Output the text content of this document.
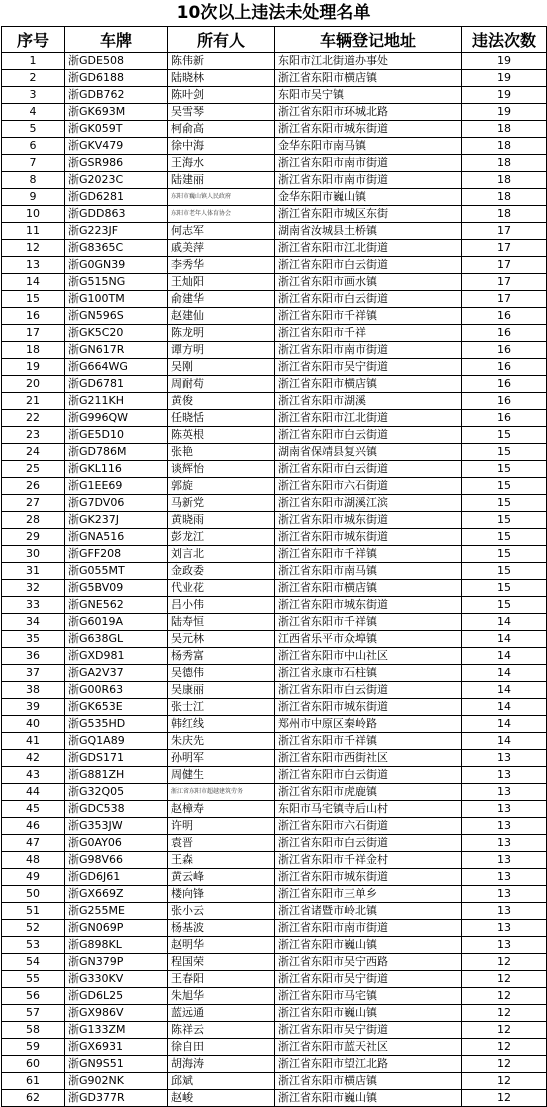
10次以上违法未处理名单
序号	车牌	所有人	车辆登记地址	违法次数
1	浙GDE508	陈伟新	东阳市江北街道办事处	19
2	浙GD6188	陆晓林	浙江省东阳市横店镇	19
3	浙GDB762	陈叶剑	东阳市吴宁镇	19
4	浙GK693M	吴雪琴	浙江省东阳市环城北路	19
5	浙GK059T	柯俞高	浙江省东阳市城东街道	18
6	浙GKV479	徐中海	金华东阳市南马镇	18
7	浙GSR986	王海水	浙江省东阳市南市街道	18
8	浙G2023C	陆建丽	浙江省东阳市南市街道	18
9	浙GD6281	东阳市巍山镇人民政府	金华东阳市巍山镇	18
10	浙GDD863	东阳市老年人体育协会	浙江省东阳市城区东街	18
11	浙G223JF	何志军	湖南省汝城县土桥镇	17
12	浙G8365C	戚美萍	浙江省东阳市江北街道	17
13	浙G0GN39	李秀华	浙江省东阳市白云街道	17
14	浙G515NG	王灿阳	浙江省东阳市画水镇	17
15	浙G100TM	俞建华	浙江省东阳市白云街道	17
16	浙GN596S	赵建仙	浙江省东阳市千祥镇	16
17	浙GK5C20	陈龙明	浙江省东阳市千祥	16
18	浙GN617R	谭方明	浙江省东阳市南市街道	16
19	浙G664WG	吴刚	浙江省东阳市吴宁街道	16
20	浙GD6781	周耐苟	浙江省东阳市横店镇	16
21	浙G211KH	黄俊	浙江省东阳市湖溪	16
22	浙G996QW	任晓恬	浙江省东阳市江北街道	16
23	浙GE5D10	陈英根	浙江省东阳市白云街道	15
24	浙GD786M	张艳	湖南省保靖县复兴镇	15
25	浙GKL116	谈辉怡	浙江省东阳市白云街道	15
26	浙G1EE69	郭旋	浙江省东阳市六石街道	15
27	浙G7DV06	马新党	浙江省东阳市湖溪江滨	15
28	浙GK237J	黄晓雨	浙江省东阳市城东街道	15
29	浙GNA516	彭龙江	浙江省东阳市城东街道	15
30	浙GFF208	刘言北	浙江省东阳市千祥镇	15
31	浙G055MT	金政委	浙江省东阳市南马镇	15
32	浙G5BV09	代业花	浙江省东阳市横店镇	15
33	浙GNE562	吕小伟	浙江省东阳市城东街道	15
34	浙G6019A	陆寿恒	浙江省东阳市千祥镇	14
35	浙G638GL	吴元林	江西省乐平市众埠镇	14
36	浙GXD981	杨秀富	浙江省东阳市中山社区	14
37	浙GA2V37	吴德伟	浙江省永康市石柱镇	14
38	浙G00R63	吴康丽	浙江省东阳市白云街道	14
39	浙GK653E	张士江	浙江省东阳市城东街道	14
40	浙G535HD	韩红线	郑州市中原区秦岭路	14
41	浙GQ1A89	朱庆先	浙江省东阳市千祥镇	14
42	浙GDS171	孙明军	浙江省东阳市西街社区	13
43	浙G881ZH	周健生	浙江省东阳市白云街道	13
44	浙G32Q05	浙江省东阳市超越建筑劳务	浙江省东阳市虎鹿镇	13
45	浙GDC538	赵樟寿	东阳市马宅镇寺后山村	13
46	浙G353JW	许明	浙江省东阳市六石街道	13
47	浙G0AY06	袁晋	浙江省东阳市白云街道	13
48	浙G98V66	王森	浙江省东阳市千祥金村	13
49	浙GD6J61	黄云峰	浙江省东阳市城东街道	13
50	浙GX669Z	楼向锋	浙江省东阳市三单乡	13
51	浙G255ME	张小云	浙江省诸暨市岭北镇	13
52	浙GN069P	杨基波	浙江省东阳市南市街道	13
53	浙G898KL	赵明华	浙江省东阳市巍山镇	13
54	浙GN379P	程国荣	浙江省东阳市吴宁西路	12
55	浙G330KV	王春阳	浙江省东阳市吴宁街道	12
56	浙GD6L25	朱旭华	浙江省东阳市马宅镇	12
57	浙GX986V	蓝远通	浙江省东阳市巍山镇	12
58	浙G133ZM	陈祥云	浙江省东阳市吴宁街道	12
59	浙GX6931	徐自田	浙江省东阳市蓝天社区	12
60	浙GN9S51	胡海涛	浙江省东阳市望江北路	12
61	浙G902NK	邱斌	浙江省东阳市横店镇	12
62	浙GD377R	赵峻	浙江省东阳市巍山镇	12
